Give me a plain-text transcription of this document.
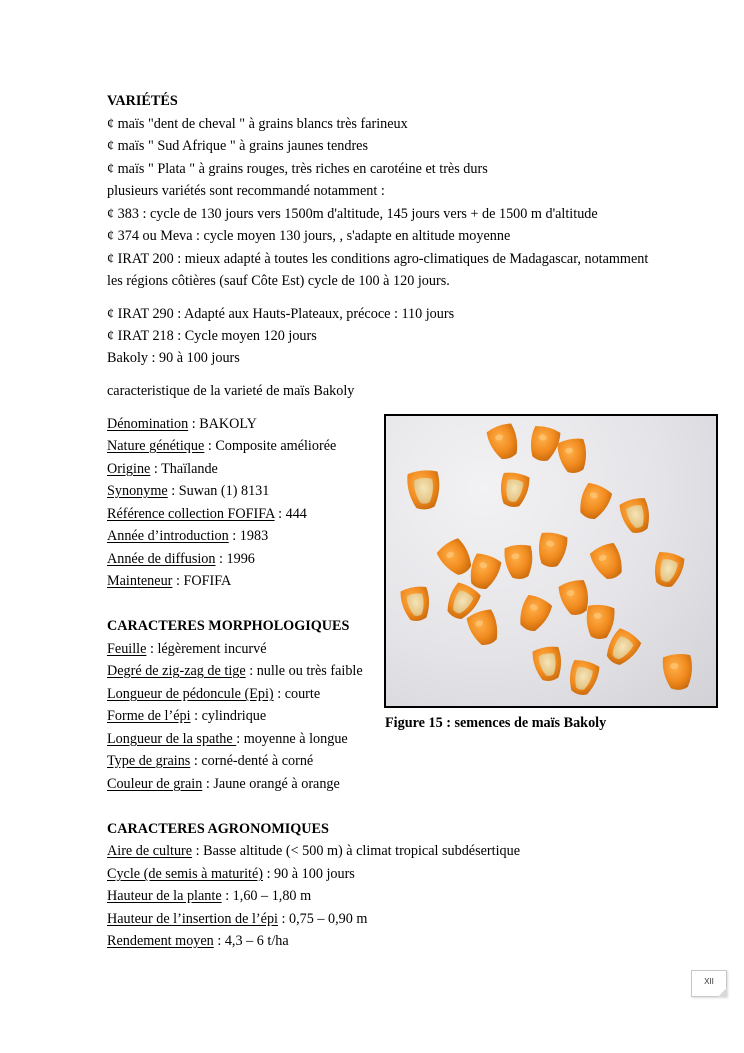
VARIÉTÉS
¢ maïs "dent de cheval " à grains blancs très farineux
¢ maïs " Sud Afrique " à grains jaunes tendres
¢ maïs " Plata " à grains rouges, très riches en carotéine et très durs
plusieurs variétés sont recommandé notamment :
¢ 383 : cycle de 130 jours vers 1500m d'altitude, 145 jours vers + de 1500 m d'altitude
¢ 374 ou Meva : cycle moyen 130 jours, , s'adapte en altitude moyenne
¢ IRAT 200 : mieux adapté à toutes les conditions agro-climatiques de Madagascar, notamment
les régions côtières (sauf Côte Est) cycle de 100 à 120 jours.
¢ IRAT 290 : Adapté aux Hauts-Plateaux, précoce : 110 jours
¢ IRAT 218 : Cycle moyen 120 jours
Bakoly : 90 à 100 jours
caracteristique de la varieté de maïs Bakoly
Dénomination : BAKOLY
Nature génétique : Composite améliorée
Origine : Thaïlande
Synonyme : Suwan (1) 8131
Référence collection FOFIFA : 444
Année d’introduction : 1983
Année de diffusion : 1996
Mainteneur : FOFIFA
CARACTERES MORPHOLOGIQUES
Feuille : légèrement incurvé
Degré de zig-zag de tige : nulle ou très faible
Longueur de pédoncule (Epi) : courte
Forme de l’épi : cylindrique
Longueur de la spathe : moyenne à longue
Type de grains : corné-denté à corné
Couleur de grain : Jaune orangé à orange
CARACTERES AGRONOMIQUES
Aire de culture : Basse altitude (< 500 m) à climat tropical subdésertique
Cycle (de semis à maturité) : 90 à 100 jours
Hauteur de la plante : 1,60 – 1,80 m
Hauteur de l’insertion de l’épi : 0,75 – 0,90 m
Rendement moyen : 4,3 – 6 t/ha
Figure 15 : semences de maïs Bakoly
XII
